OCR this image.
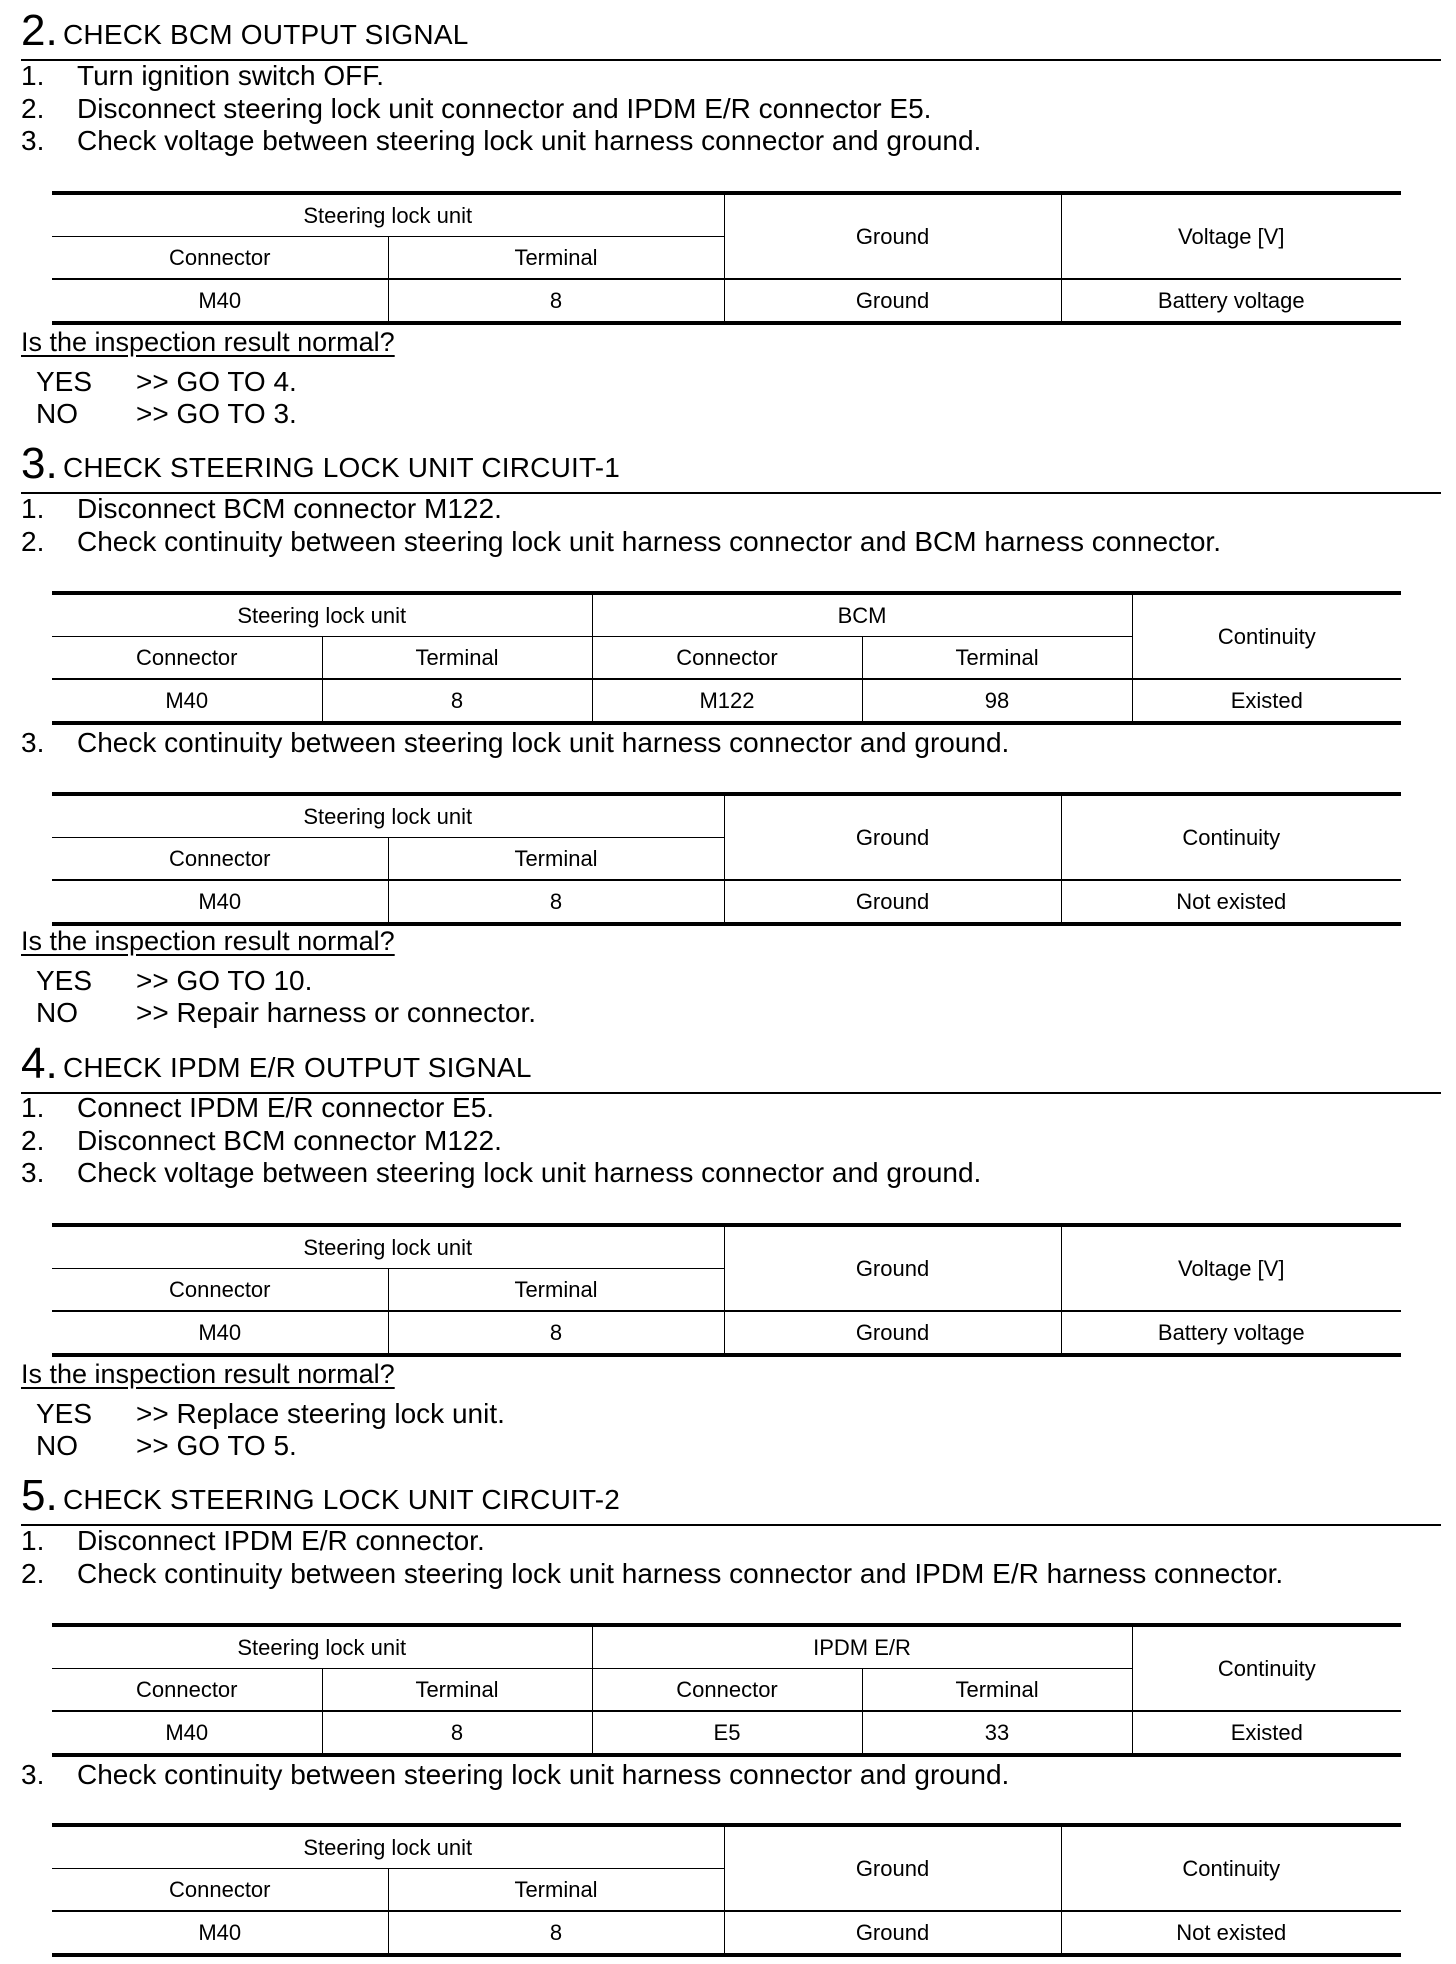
2. CHECK BCM OUTPUT SIGNAL
1.	Turn ignition switch OFF.
2.	Disconnect steering lock unit connector and IPDM E/R connector E5.
3.	Check voltage between steering lock unit harness connector and ground.
Steering lock unit		Ground	Voltage [V]
Connector	Terminal		
M40	8	Ground	Battery voltage
Is the inspection result normal?
YES >> GO TO 4.
NO >> GO TO 3.
3. CHECK STEERING LOCK UNIT CIRCUIT-1
1.	Disconnect BCM connector M122.
2.	Check continuity between steering lock unit harness connector and BCM harness connector.
Steering lock unit		BCM		Continuity
Connector	Terminal	Connector	Terminal	
M40	8	M122	98	Existed
3.	Check continuity between steering lock unit harness connector and ground.
Steering lock unit		Ground	Continuity
Connector	Terminal		
M40	8	Ground	Not existed
Is the inspection result normal?
YES >> GO TO 10.
NO >> Repair harness or connector.
4. CHECK IPDM E/R OUTPUT SIGNAL
1.	Connect IPDM E/R connector E5.
2.	Disconnect BCM connector M122.
3.	Check voltage between steering lock unit harness connector and ground.
Steering lock unit		Ground	Voltage [V]
Connector	Terminal		
M40	8	Ground	Battery voltage
Is the inspection result normal?
YES >> Replace steering lock unit.
NO >> GO TO 5.
5. CHECK STEERING LOCK UNIT CIRCUIT-2
1.	Disconnect IPDM E/R connector.
2.	Check continuity between steering lock unit harness connector and IPDM E/R harness connector.
Steering lock unit		IPDM E/R		Continuity
Connector	Terminal	Connector	Terminal	
M40	8	E5	33	Existed
3.	Check continuity between steering lock unit harness connector and ground.
Steering lock unit		Ground	Continuity
Connector	Terminal		
M40	8	Ground	Not existed
